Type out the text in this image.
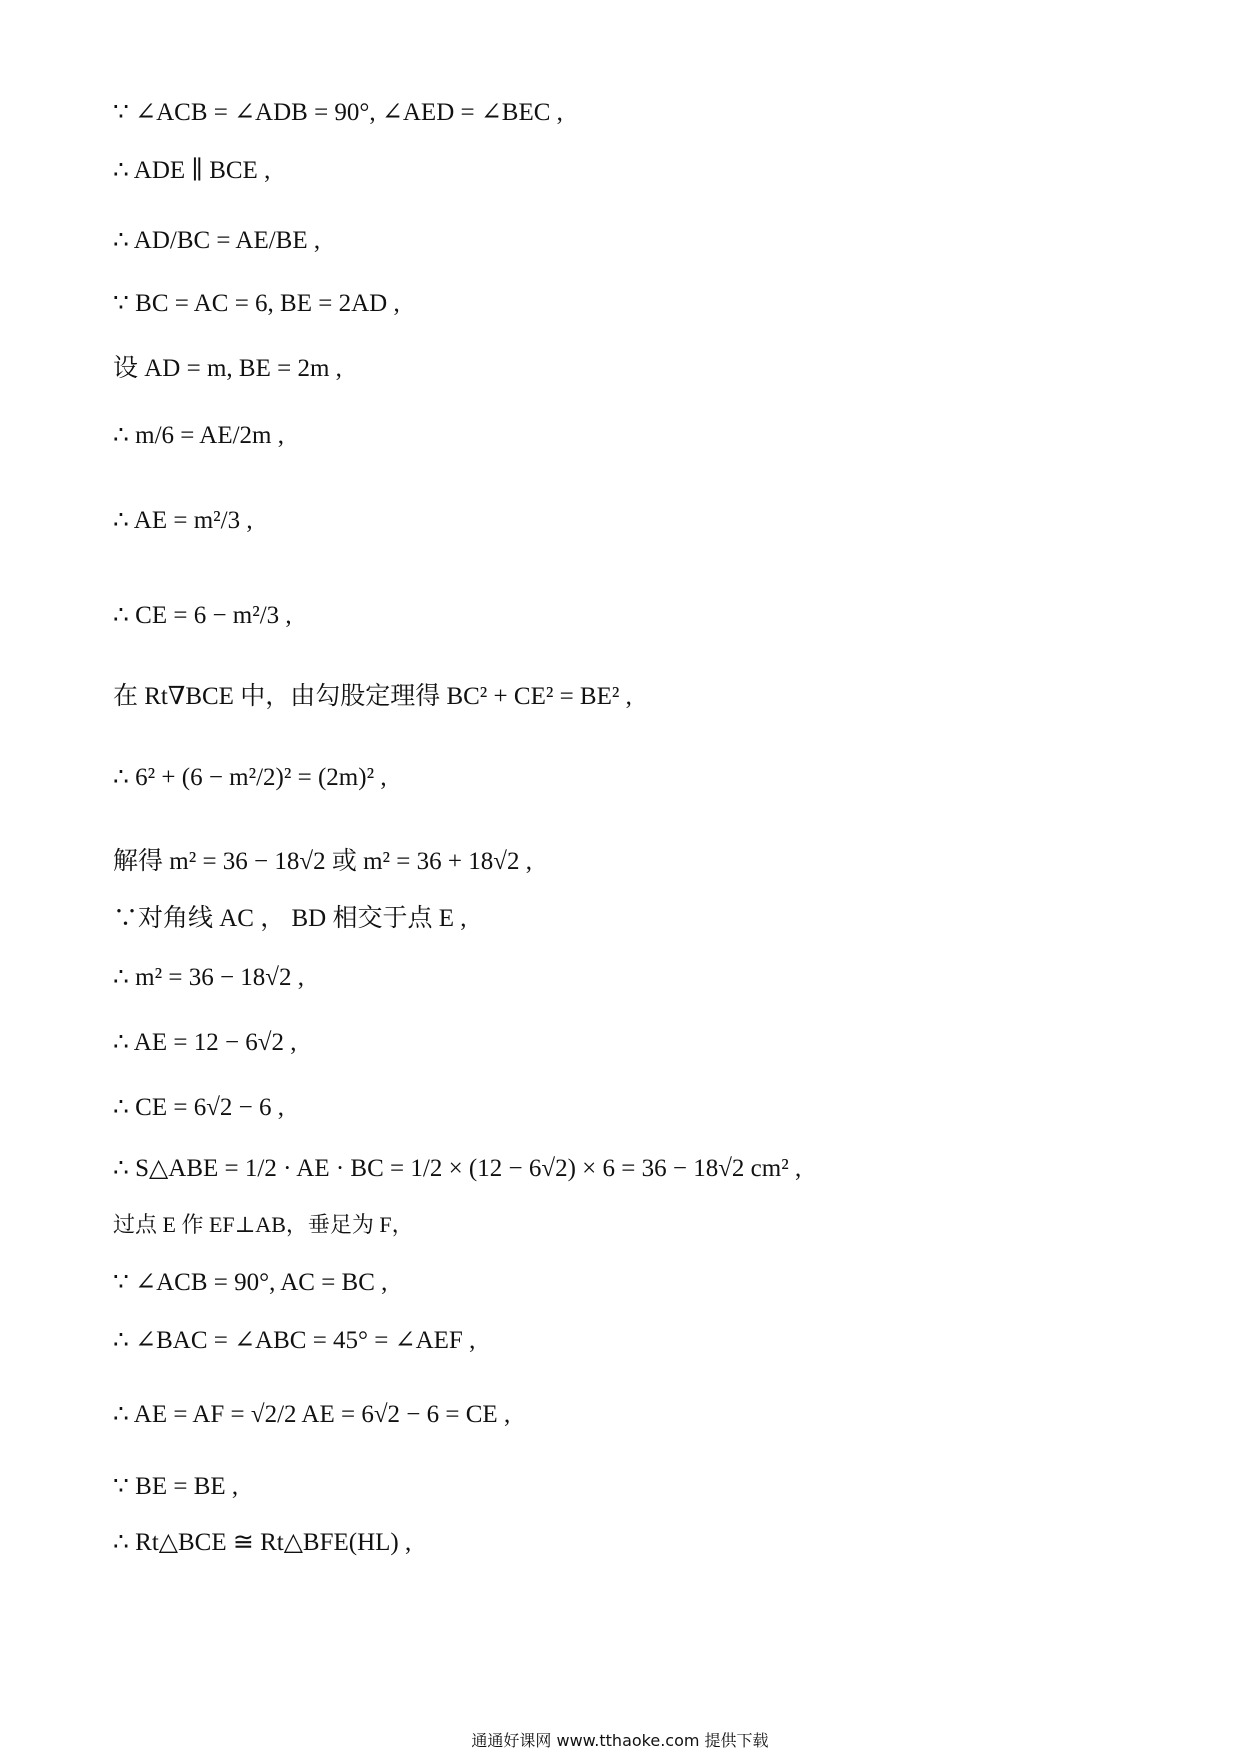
∵ ∠ACB = ∠ADB = 90°, ∠AED = ∠BEC ,
∴ ADE ∥ BCE ,
∴ AD/BC = AE/BE ,
∵ BC = AC = 6, BE = 2AD ,
设 AD = m, BE = 2m ,
∴ m/6 = AE/2m ,
∴ AE = m²/3 ,
∴ CE = 6 − m²/3 ,
在 Rt∇BCE 中，由勾股定理得 BC² + CE² = BE² ,
∴ 6² + (6 − m²/2)² = (2m)² ,
解得 m² = 36 − 18√2 或 m² = 36 + 18√2 ,
∵对角线 AC ， BD 相交于点 E ,
∴ m² = 36 − 18√2 ,
∴ AE = 12 − 6√2 ,
∴ CE = 6√2 − 6 ,
∴ S△ABE = 1/2 · AE · BC = 1/2 × (12 − 6√2) × 6 = 36 − 18√2 cm² ,
过点 E 作 EF⊥AB，垂足为 F，
∵ ∠ACB = 90°, AC = BC ,
∴ ∠BAC = ∠ABC = 45° = ∠AEF ,
∴ AE = AF = √2/2 AE = 6√2 − 6 = CE ,
∵ BE = BE ,
∴ Rt△BCE ≅ Rt△BFE(HL) ,
通通好课网 www.tthaoke.com 提供下载
